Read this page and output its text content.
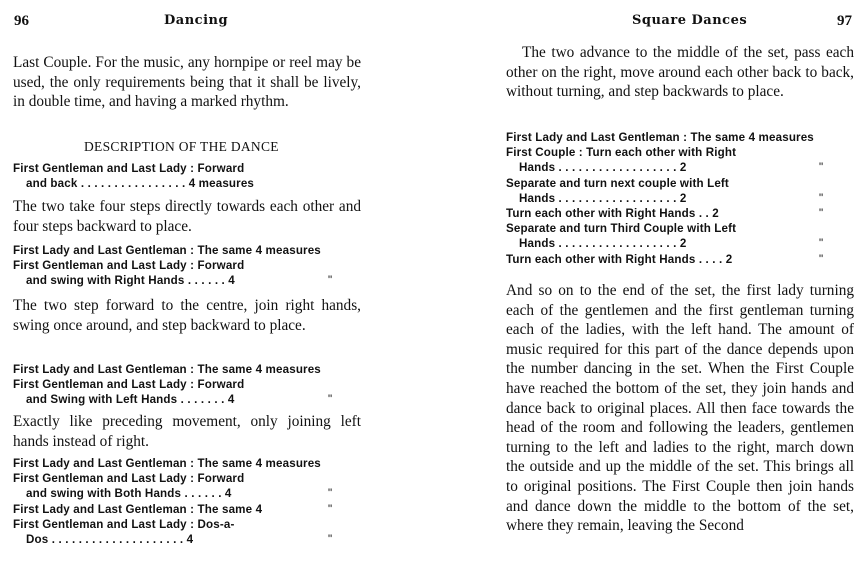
96	Dancing

Last Couple. For the music, any hornpipe or reel may be used, the only requirements being that it shall be lively, in double time, and having a marked rhythm.

DESCRIPTION OF THE DANCE

First Gentleman and Last Lady : Forward
and back . . . . . . . . . . . . . . . . 4 measures

The two take four steps directly towards each other and four steps backward to place.

First Lady and Last Gentleman : The same 4 measures
First Gentleman and Last Lady : Forward
and swing with Right Hands . . . . . . 4	"

The two step forward to the centre, join right hands, swing once around, and step backward to place.

First Lady and Last Gentleman : The same 4 measures
First Gentleman and Last Lady : Forward
and Swing with Left Hands . . . . . . . 4	"

Exactly like preceding movement, only joining left hands instead of right.

First Lady and Last Gentleman : The same 4 measures
First Gentleman and Last Lady : Forward
and swing with Both Hands . . . . . . 4	"
First Lady and Last Gentleman : The same 4	"
First Gentleman and Last Lady : Dos-a-
Dos . . . . . . . . . . . . . . . . . . . . 4	"
Square Dances	97

The two advance to the middle of the set, pass each other on the right, move around each other back to back, without turning, and step backwards to place.

First Lady and Last Gentleman : The same 4 measures
First Couple : Turn each other with Right
Hands . . . . . . . . . . . . . . . . . . 2	"
Separate and turn next couple with Left
Hands . . . . . . . . . . . . . . . . . . 2	"
Turn each other with Right Hands . . 2	"
Separate and turn Third Couple with Left
Hands . . . . . . . . . . . . . . . . . . 2	"
Turn each other with Right Hands . . . . 2	"

And so on to the end of the set, the first lady turning each of the gentlemen and the first gentleman turning each of the ladies, with the left hand. The amount of music required for this part of the dance depends upon the number dancing in the set. When the First Couple have reached the bottom of the set, they join hands and dance back to original places. All then face towards the head of the room and following the leaders, gentlemen turning to the left and ladies to the right, march down the outside and up the middle of the set. This brings all to original positions. The First Couple then join hands and dance down the middle to the bottom of the set, where they remain, leaving the Second
